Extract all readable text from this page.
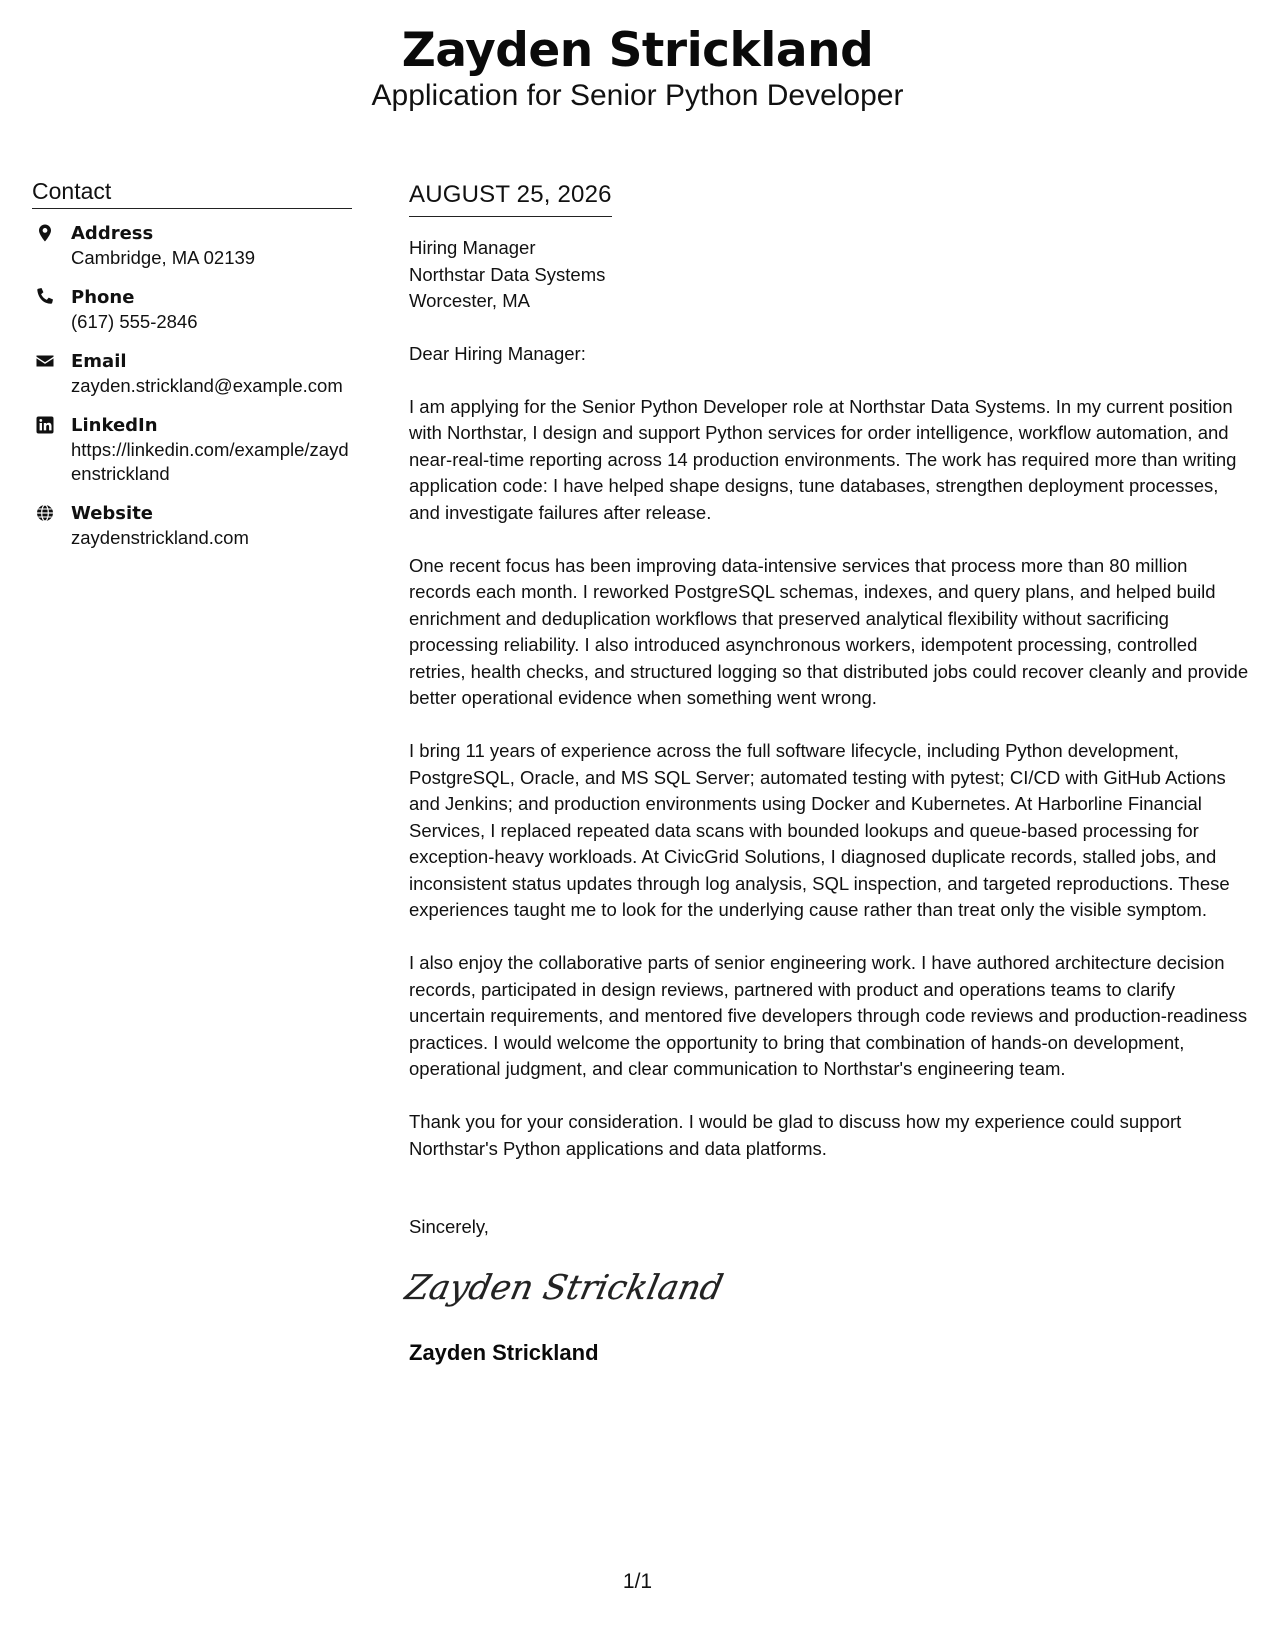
Zayden Strickland
Application for Senior Python Developer
Contact
Address
Cambridge, MA 02139
Phone
(617) 555-2846
Email
zayden.strickland@example.com
LinkedIn
https://linkedin.com/example/zaydenstrickland
Website
zaydenstrickland.com
AUGUST 25, 2026
Hiring Manager
Northstar Data Systems
Worcester, MA
Dear Hiring Manager:
I am applying for the Senior Python Developer role at Northstar Data Systems. In my current position with Northstar, I design and support Python services for order intelligence, workflow automation, and near-real-time reporting across 14 production environments. The work has required more than writing application code: I have helped shape designs, tune databases, strengthen deployment processes, and investigate failures after release.
One recent focus has been improving data-intensive services that process more than 80 million records each month. I reworked PostgreSQL schemas, indexes, and query plans, and helped build enrichment and deduplication workflows that preserved analytical flexibility without sacrificing processing reliability. I also introduced asynchronous workers, idempotent processing, controlled retries, health checks, and structured logging so that distributed jobs could recover cleanly and provide better operational evidence when something went wrong.
I bring 11 years of experience across the full software lifecycle, including Python development, PostgreSQL, Oracle, and MS SQL Server; automated testing with pytest; CI/CD with GitHub Actions and Jenkins; and production environments using Docker and Kubernetes. At Harborline Financial Services, I replaced repeated data scans with bounded lookups and queue-based processing for exception-heavy workloads. At CivicGrid Solutions, I diagnosed duplicate records, stalled jobs, and inconsistent status updates through log analysis, SQL inspection, and targeted reproductions. These experiences taught me to look for the underlying cause rather than treat only the visible symptom.
I also enjoy the collaborative parts of senior engineering work. I have authored architecture decision records, participated in design reviews, partnered with product and operations teams to clarify uncertain requirements, and mentored five developers through code reviews and production-readiness practices. I would welcome the opportunity to bring that combination of hands-on development, operational judgment, and clear communication to Northstar's engineering team.
Thank you for your consideration. I would be glad to discuss how my experience could support Northstar's Python applications and data platforms.
Sincerely,
Zayden Strickland
Zayden Strickland
1/1
